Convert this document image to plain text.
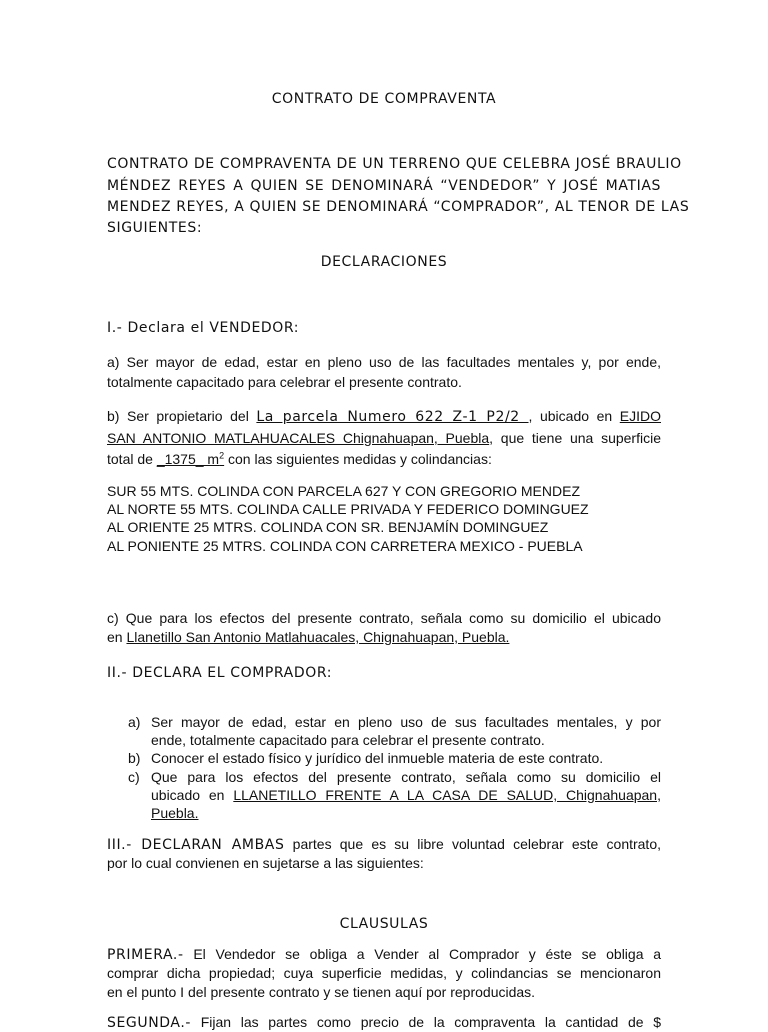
CONTRATO DE COMPRAVENTA
CONTRATO DE COMPRAVENTA DE UN TERRENO QUE CELEBRA JOSÉ BRAULIO
MÉNDEZ REYES A QUIEN SE DENOMINARÁ “VENDEDOR” Y JOSÉ MATIAS
MENDEZ REYES, A QUIEN SE DENOMINARÁ “COMPRADOR”, AL TENOR DE LAS
SIGUIENTES:
DECLARACIONES
I.- Declara el VENDEDOR:
a) Ser mayor de edad, estar en pleno uso de las facultades mentales y, por ende,
totalmente capacitado para celebrar el presente contrato.
b) Ser propietario del La parcela Numero 622 Z-1 P2/2 , ubicado en EJIDO
SAN ANTONIO MATLAHUACALES Chignahuapan, Puebla, que tiene una superficie
total de _1375_ $m^2$ con las siguientes medidas y colindancias:
SUR 55 MTS. COLINDA CON PARCELA 627 Y CON GREGORIO MENDEZ
AL NORTE 55 MTS. COLINDA CALLE PRIVADA Y FEDERICO DOMINGUEZ
AL ORIENTE 25 MTRS. COLINDA CON SR. BENJAMÍN DOMINGUEZ
AL PONIENTE 25 MTRS. COLINDA CON CARRETERA MEXICO - PUEBLA
c) Que para los efectos del presente contrato, señala como su domicilio el ubicado
en Llanetillo San Antonio Matlahuacales, Chignahuapan, Puebla.
II.- DECLARA EL COMPRADOR:
a) Ser mayor de edad, estar en pleno uso de sus facultades mentales, y por
ende, totalmente capacitado para celebrar el presente contrato.
b) Conocer el estado físico y jurídico del inmueble materia de este contrato.
c) Que para los efectos del presente contrato, señala como su domicilio el
ubicado en LLANETILLO FRENTE A LA CASA DE SALUD, Chignahuapan,
Puebla.
III.- DECLARAN AMBAS partes que es su libre voluntad celebrar este contrato,
por lo cual convienen en sujetarse a las siguientes:
CLAUSULAS
PRIMERA.- El Vendedor se obliga a Vender al Comprador y éste se obliga a
comprar dicha propiedad; cuya superficie medidas, y colindancias se mencionaron
en el punto I del presente contrato y se tienen aquí por reproducidas.
SEGUNDA.- Fijan las partes como precio de la compraventa la cantidad de $
